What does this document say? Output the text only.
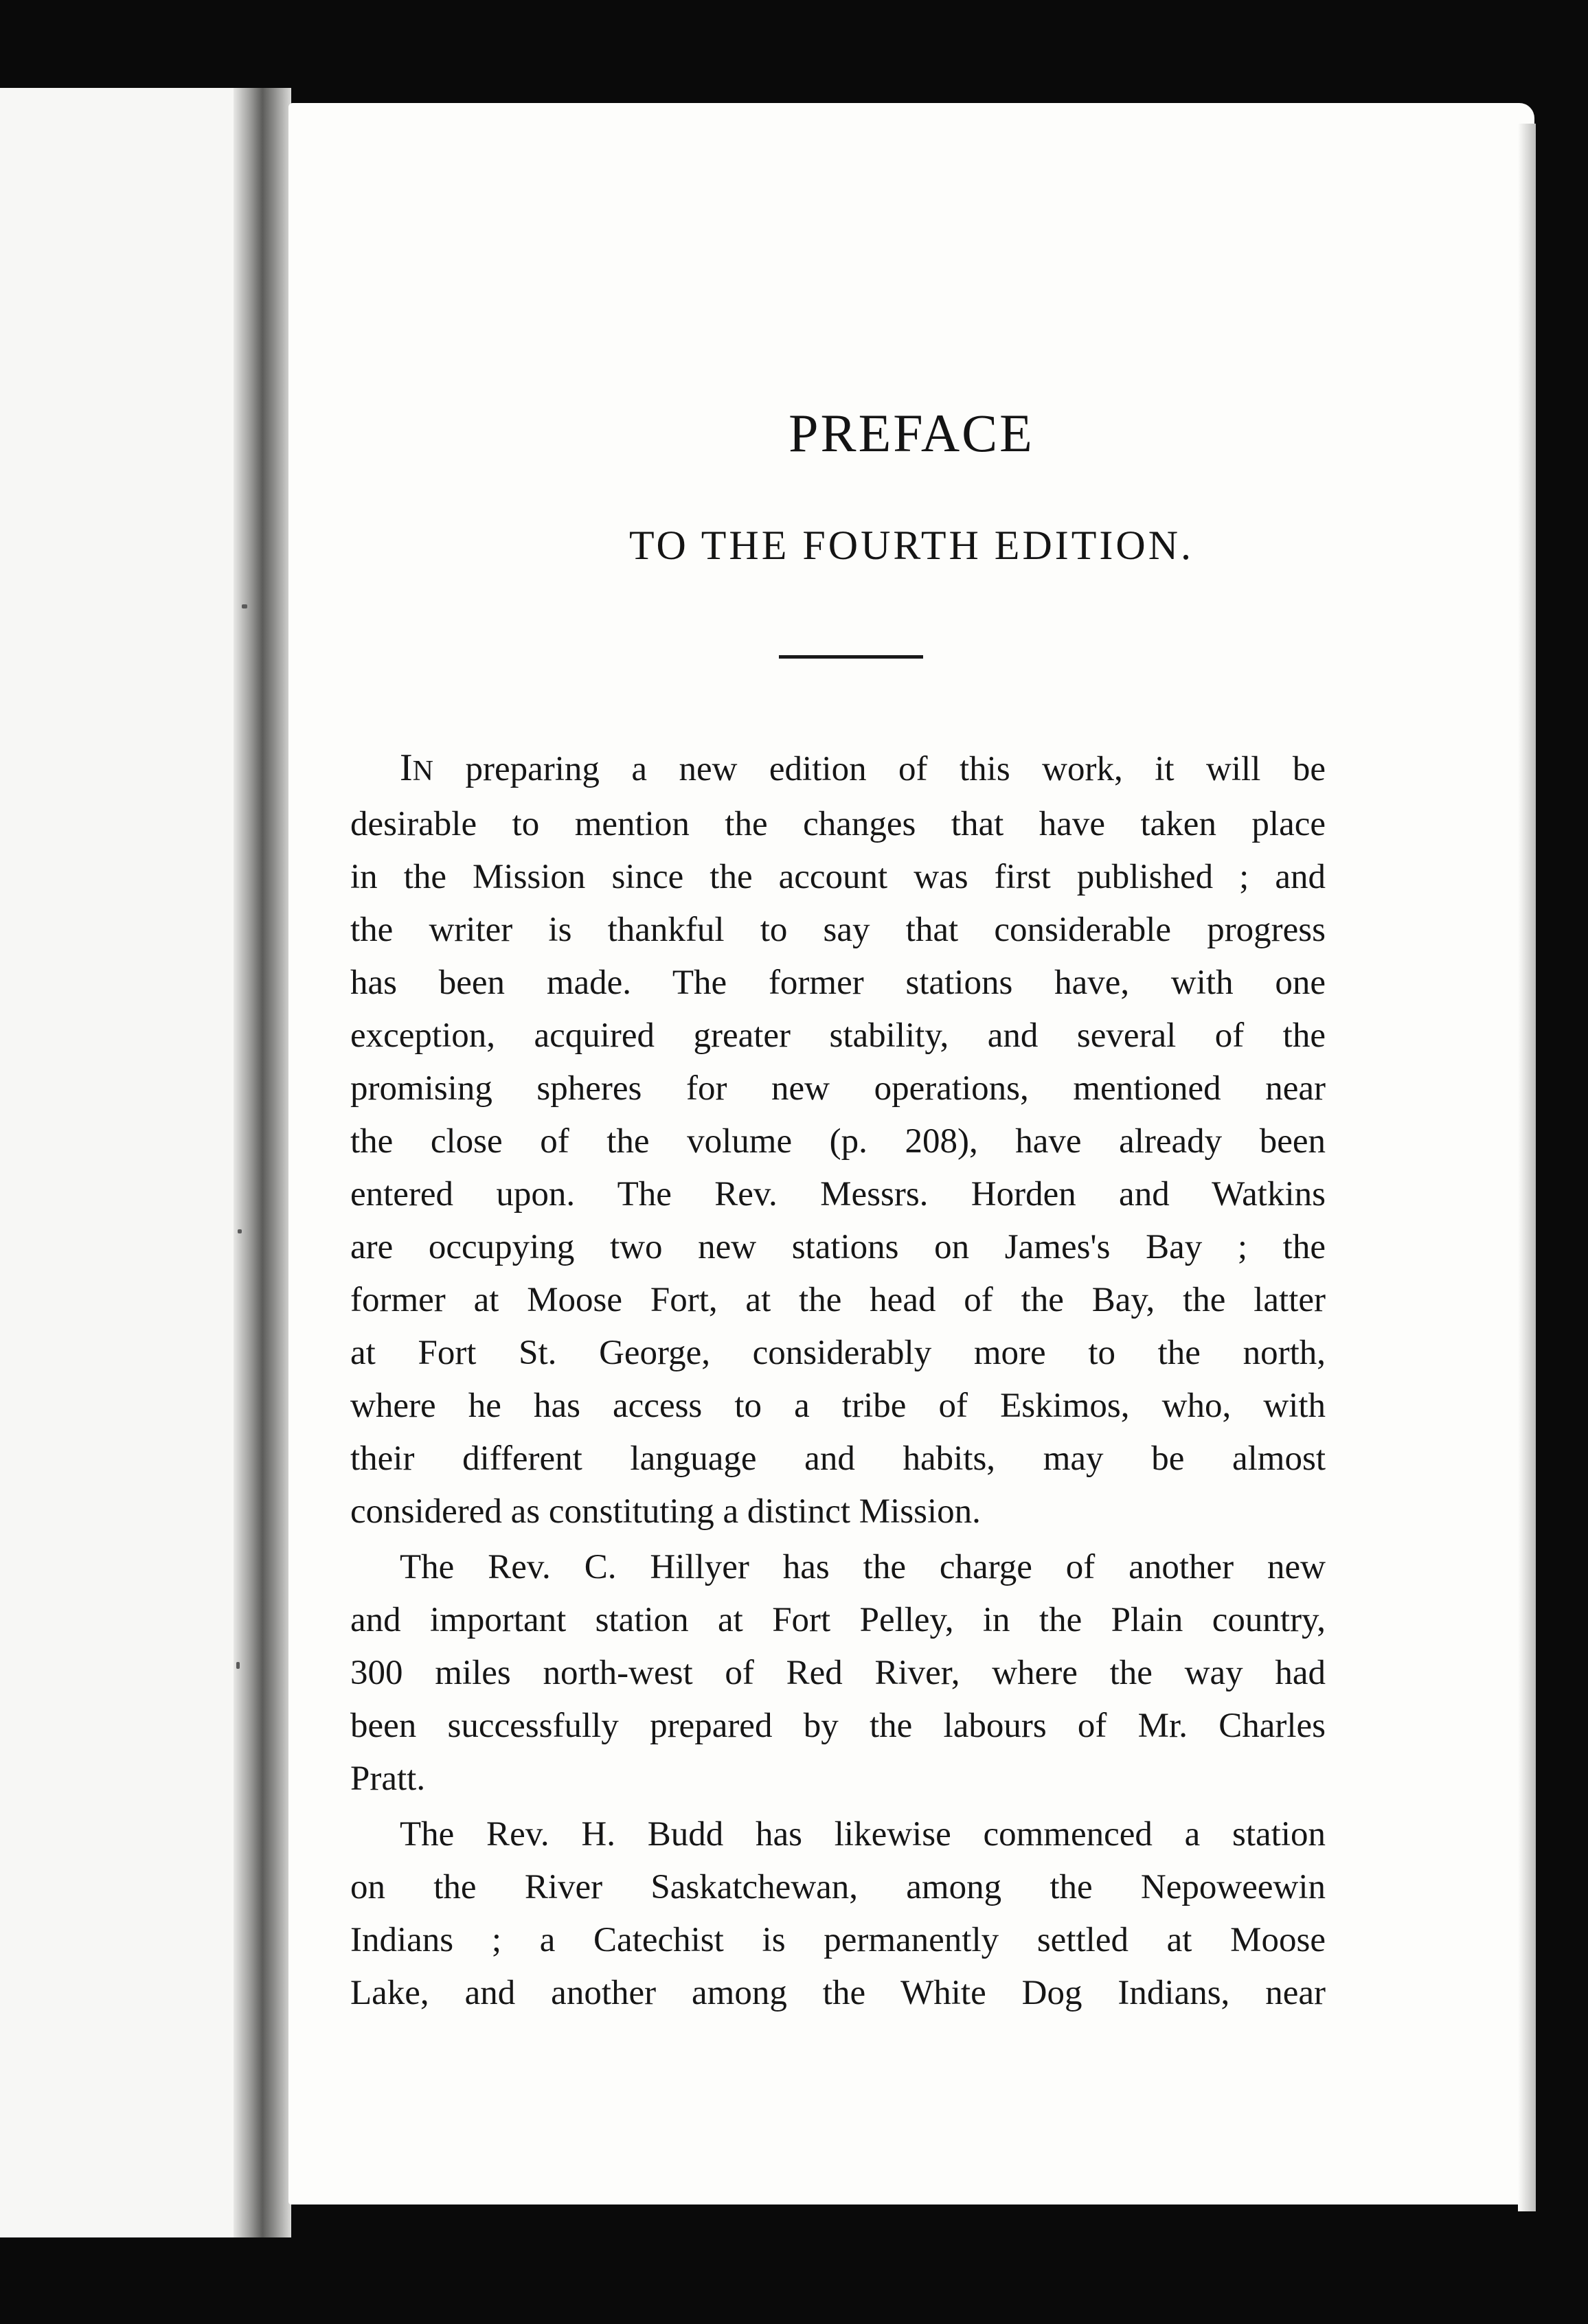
PREFACE
TO THE FOURTH EDITION.
IN preparing a new edition of this work, it will be
desirable to mention the changes that have taken place
in the Mission since the account was first published ; and
the writer is thankful to say that considerable progress
has been made. The former stations have, with one
exception, acquired greater stability, and several of the
promising spheres for new operations, mentioned near
the close of the volume (p. 208), have already been
entered upon. The Rev. Messrs. Horden and Watkins
are occupying two new stations on James's Bay ; the
former at Moose Fort, at the head of the Bay, the latter
at Fort St. George, considerably more to the north,
where he has access to a tribe of Eskimos, who, with
their different language and habits, may be almost
considered as constituting a distinct Mission.
The Rev. C. Hillyer has the charge of another new
and important station at Fort Pelley, in the Plain country,
300 miles north-west of Red River, where the way had
been successfully prepared by the labours of Mr. Charles
Pratt.
The Rev. H. Budd has likewise commenced a station
on the River Saskatchewan, among the Nepoweewin
Indians ; a Catechist is permanently settled at Moose
Lake, and another among the White Dog Indians, near
